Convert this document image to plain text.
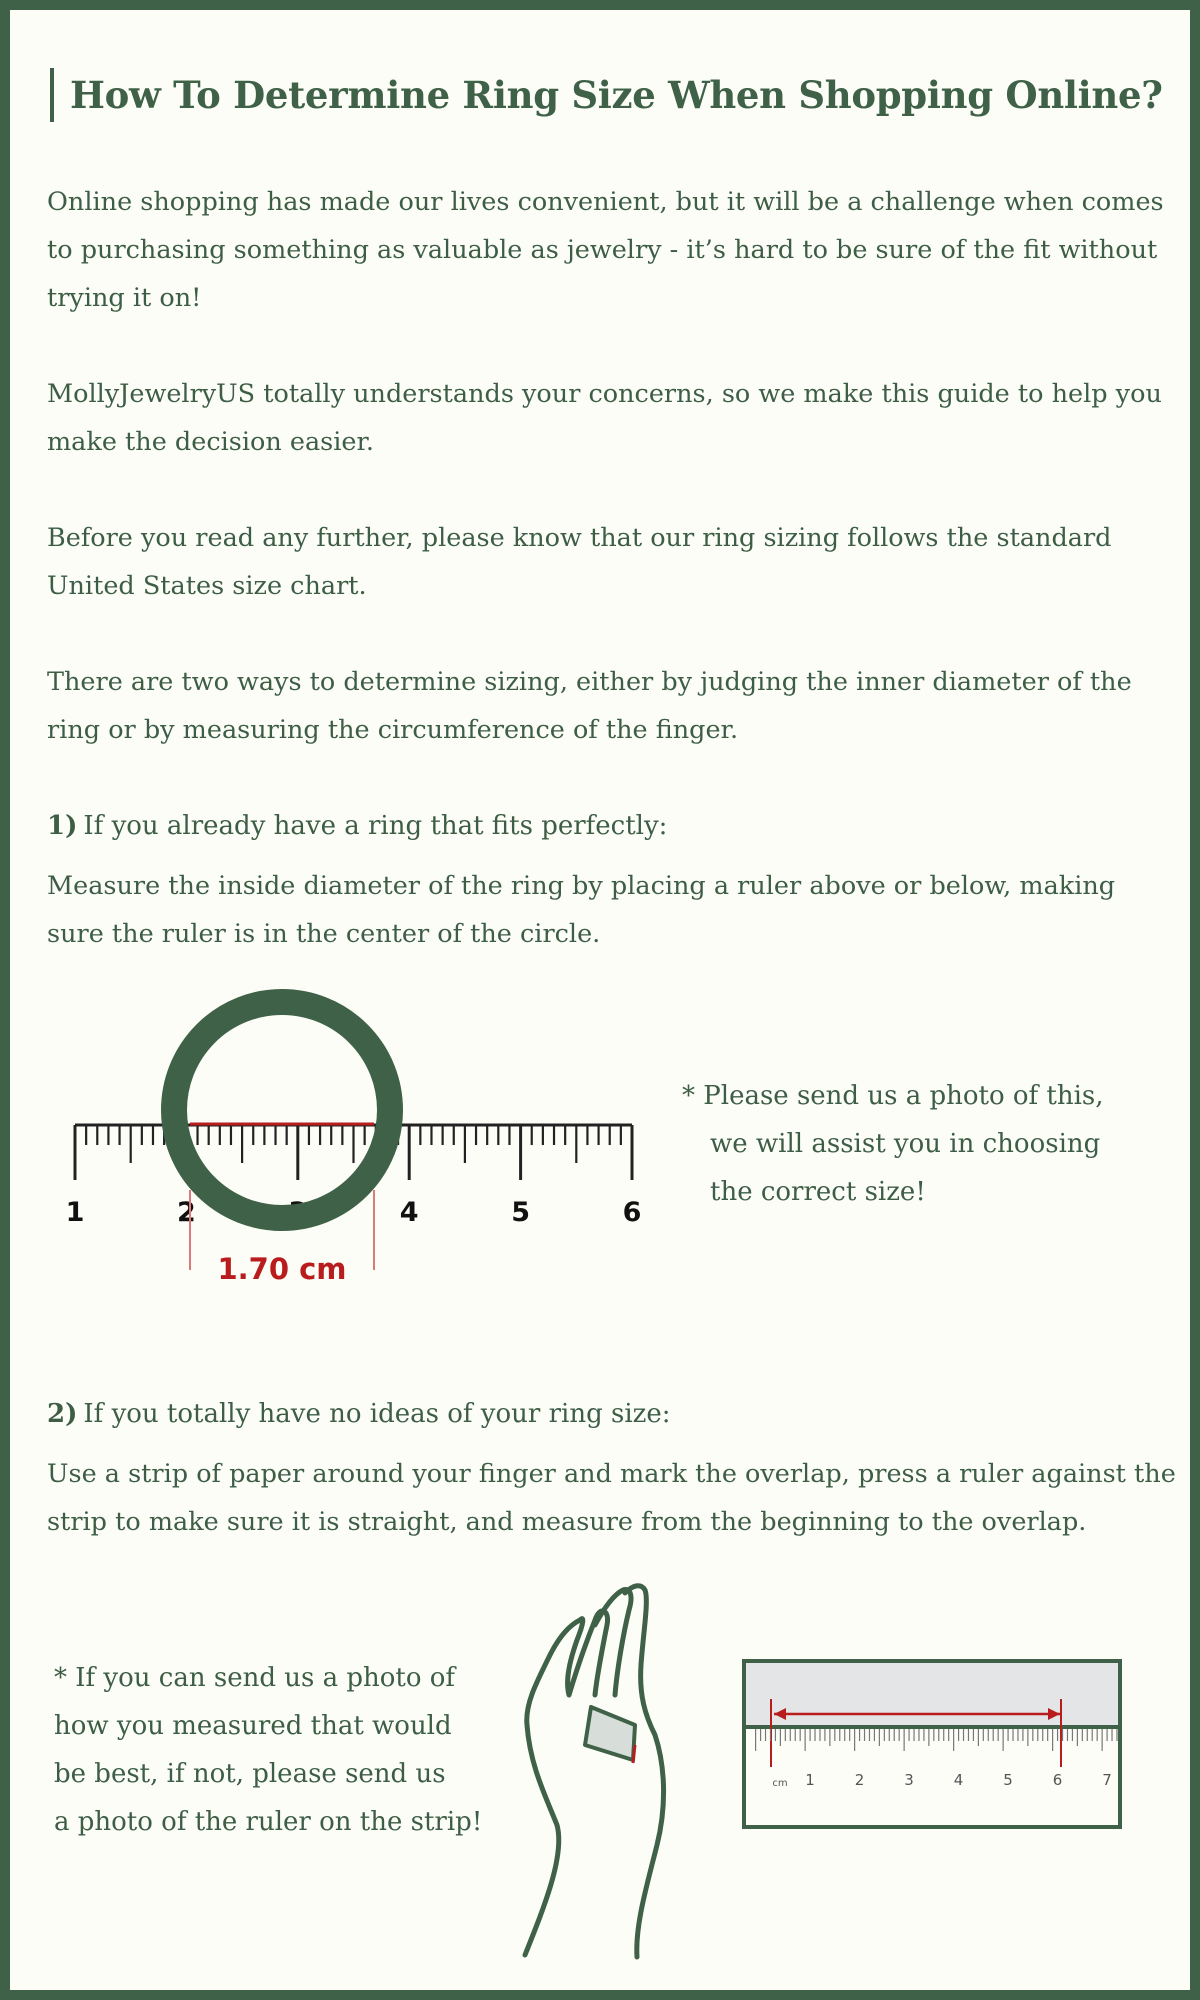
How To Determine Ring Size When Shopping Online?
Online shopping has made our lives convenient, but it will be a challenge when comes to purchasing something as valuable as jewelry - it’s hard to be sure of the fit without trying it on!
MollyJewelryUS totally understands your concerns, so we make this guide to help you make the decision easier.
Before you read any further, please know that our ring sizing follows the standard United States size chart.
There are two ways to determine sizing, either by judging the inner diameter of the ring or by measuring the circumference of the finger.
1) If you already have a ring that fits perfectly:
Measure the inside diameter of the ring by placing a ruler above or below, making sure the ruler is in the center of the circle.
1	2	3	4	5	6
1.70 cm
* Please send us a photo of this,
we will assist you in choosing
the correct size!
2) If you totally have no ideas of your ring size:
Use a strip of paper around your finger and mark the overlap, press a ruler against the strip to make sure it is straight, and measure from the beginning to the overlap.
* If you can send us a photo of
how you measured that would
be best, if not, please send us
a photo of the ruler on the strip!
cm 1	2	3	4	5	6	7
